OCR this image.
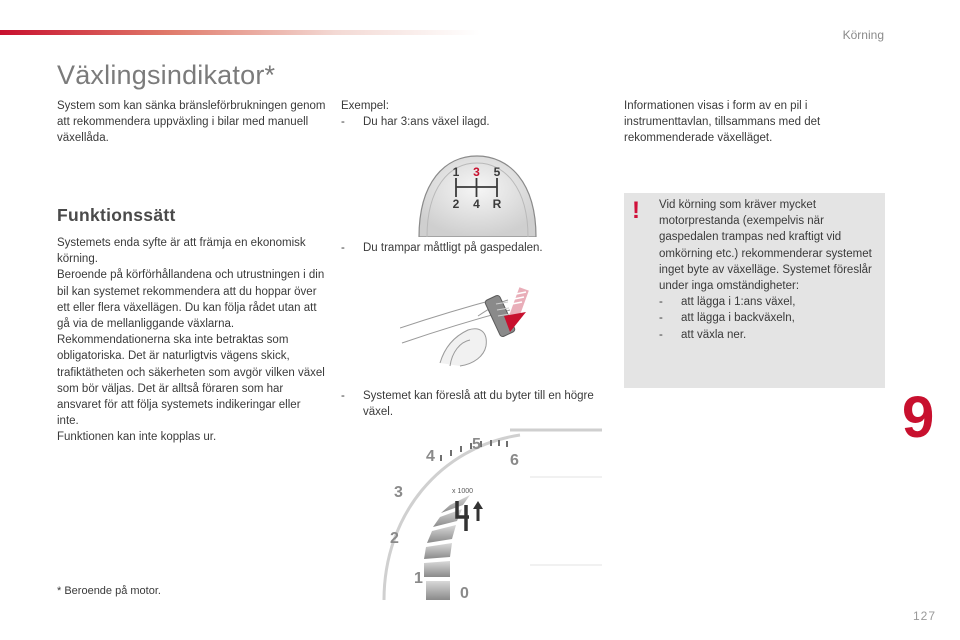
Körning
Växlingsindikator*

System som kan sänka bränsleförbrukningen genom att rekommendera uppväxling i bilar med manuell växellåda.

Funktionssätt

Systemets enda syfte är att främja en ekonomisk körning.

Beroende på körförhållandena och utrustningen i din bil kan systemet rekommendera att du hoppar över ett eller flera växellägen. Du kan följa rådet utan att gå via de mellanliggande växlarna.

Rekommendationerna ska inte betraktas som obligatoriska. Det är naturligtvis vägens skick, trafiktätheten och säkerheten som avgör vilken växel som bör väljas. Det är alltså föraren som har ansvaret för att följa systemets indikeringar eller inte.

Funktionen kan inte kopplas ur.

* Beroende på motor.
Exempel:
-	Du har 3:ans växel ilagd.
1 3 5
2 4 R
-	Du trampar måttligt på gaspedalen.
-	Systemet kan föreslå att du byter till en högre växel.
0
1
2
3
4
5
6
x 1000

Informationen visas i form av en pil i instrumenttavlan, tillsammans med det rekommenderade växelläget.

! Vid körning som kräver mycket motorprestanda (exempelvis när gaspedalen trampas ned kraftigt vid omkörning etc.) rekommenderar systemet inget byte av växelläge. Systemet föreslår under inga omständigheter:
-	att lägga i 1:ans växel,
-	att lägga i backväxeln,
-	att växla ner.
9
127
